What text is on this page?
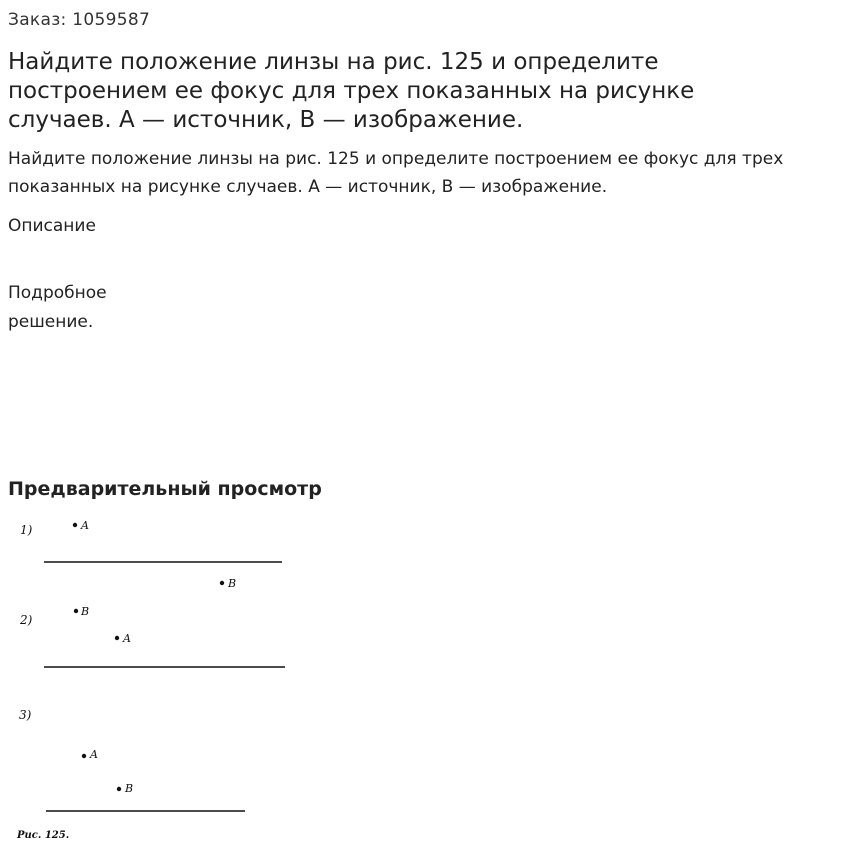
Заказ: 1059587
Найдите положение линзы на рис. 125 и определите построением ее фокус для трех показанных на рисунке случаев. А — источник, В — изображение.
Найдите положение линзы на рис. 125 и определите построением ее фокус для трех показанных на рисунке случаев. А — источник, В — изображение.
Описание
Подробное решение.
Предварительный просмотр
1)	A
B
2)
B
A
3)
A
B
Рис. 125.
